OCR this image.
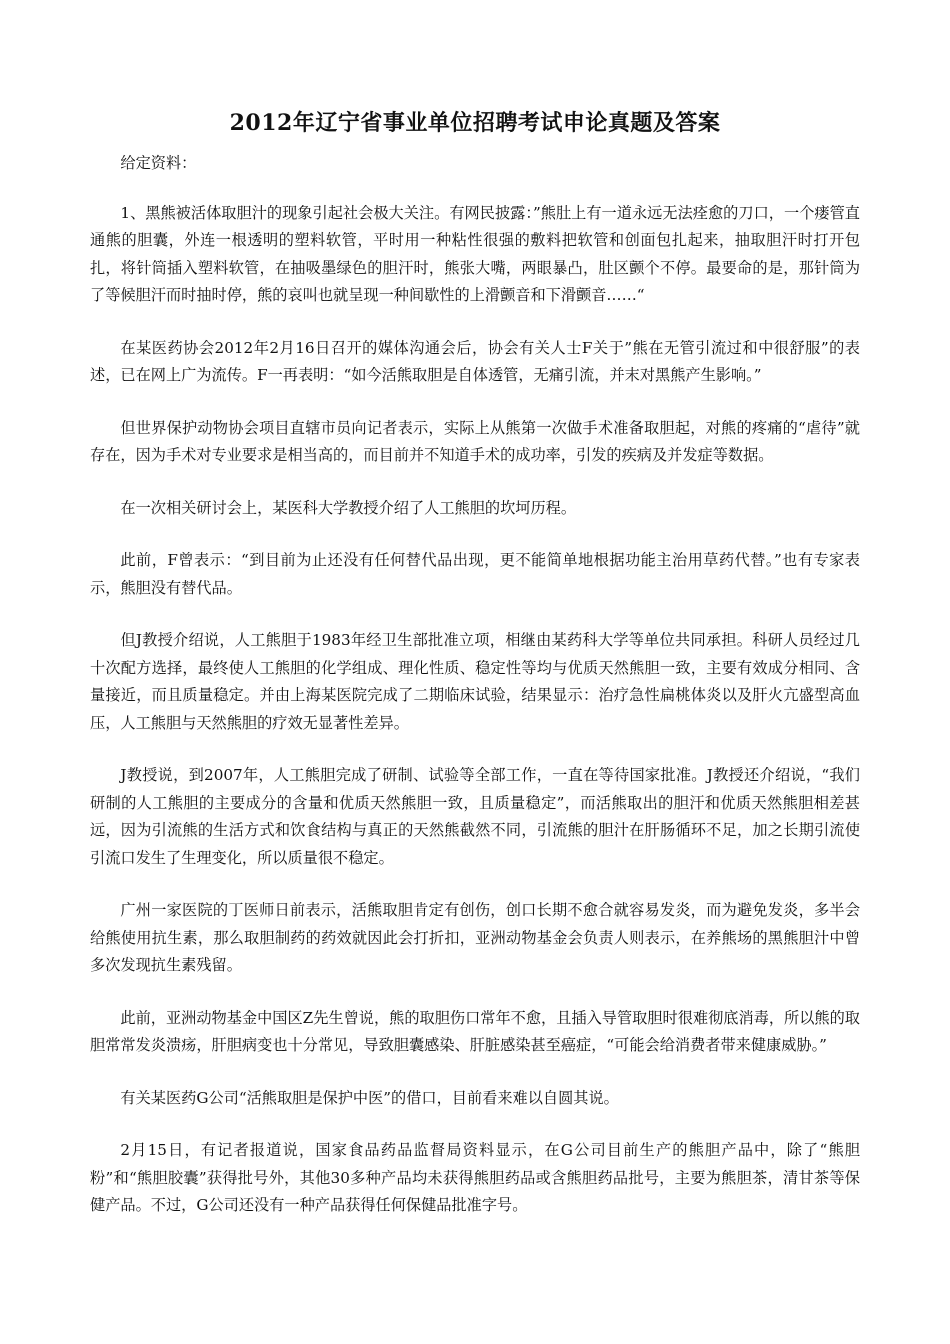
2012年辽宁省事业单位招聘考试申论真题及答案

给定资料：

1、黑熊被活体取胆汁的现象引起社会极大关注。有网民披露：”熊肚上有一道永远无法痊愈的刀口，一个瘘管直通熊的胆囊，外连一根透明的塑料软管，平时用一种粘性很强的敷料把软管和创面包扎起来，抽取胆汗时打开包扎，将针筒插入塑料软管，在抽吸墨绿色的胆汗时，熊张大嘴，两眼暴凸，肚区颤个不停。最要命的是，那针筒为了等候胆汗而时抽时停，熊的哀叫也就呈现一种间歇性的上滑颤音和下滑颤音……“

在某医药协会2012年2月16日召开的媒体沟通会后，协会有关人士F关于”熊在无管引流过和中很舒服”的表述，已在网上广为流传。F一再表明：“如今活熊取胆是自体透管，无痛引流，并末对黑熊产生影响。”

但世界保护动物协会项目直辖市员向记者表示，实际上从熊第一次做手术准备取胆起，对熊的疼痛的“虐待”就存在，因为手术对专业要求是相当高的，而目前并不知道手术的成功率，引发的疾病及并发症等数据。

在一次相关研讨会上，某医科大学教授介绍了人工熊胆的坎坷历程。

此前，F曾表示：“到目前为止还没有任何替代品出现，更不能简单地根据功能主治用草药代替。”也有专家表示，熊胆没有替代品。

但J教授介绍说，人工熊胆于1983年经卫生部批准立项，相继由某药科大学等单位共同承担。科研人员经过几十次配方选择，最终使人工熊胆的化学组成、理化性质、稳定性等均与优质天然熊胆一致，主要有效成分相同、含量接近，而且质量稳定。并由上海某医院完成了二期临床试验，结果显示：治疗急性扁桃体炎以及肝火亢盛型高血压，人工熊胆与天然熊胆的疗效无显著性差异。

J教授说，到2007年，人工熊胆完成了研制、试验等全部工作，一直在等待国家批准。J教授还介绍说，“我们研制的人工熊胆的主要成分的含量和优质天然熊胆一致，且质量稳定”，而活熊取出的胆汗和优质天然熊胆相差甚远，因为引流熊的生活方式和饮食结构与真正的天然熊截然不同，引流熊的胆汁在肝肠循环不足，加之长期引流使引流口发生了生理变化，所以质量很不稳定。

广州一家医院的丁医师日前表示，活熊取胆肯定有创伤，创口长期不愈合就容易发炎，而为避免发炎，多半会给熊使用抗生素，那么取胆制药的药效就因此会打折扣，亚洲动物基金会负责人则表示，在养熊场的黑熊胆汁中曾多次发现抗生素残留。

此前，亚洲动物基金中国区Z先生曾说，熊的取胆伤口常年不愈，且插入导管取胆时很难彻底消毒，所以熊的取胆常常发炎溃疡，肝胆病变也十分常见，导致胆囊感染、肝脏感染甚至癌症，“可能会给消费者带来健康威胁。”

有关某医药G公司“活熊取胆是保护中医”的借口，目前看来难以自圆其说。

2月15日，有记者报道说，国家食品药品监督局资料显示，在G公司目前生产的熊胆产品中，除了“熊胆粉”和“熊胆胶囊”获得批号外，其他30多种产品均未获得熊胆药品或含熊胆药品批号，主要为熊胆茶，清甘茶等保健产品。不过，G公司还没有一种产品获得任何保健品批准字号。
